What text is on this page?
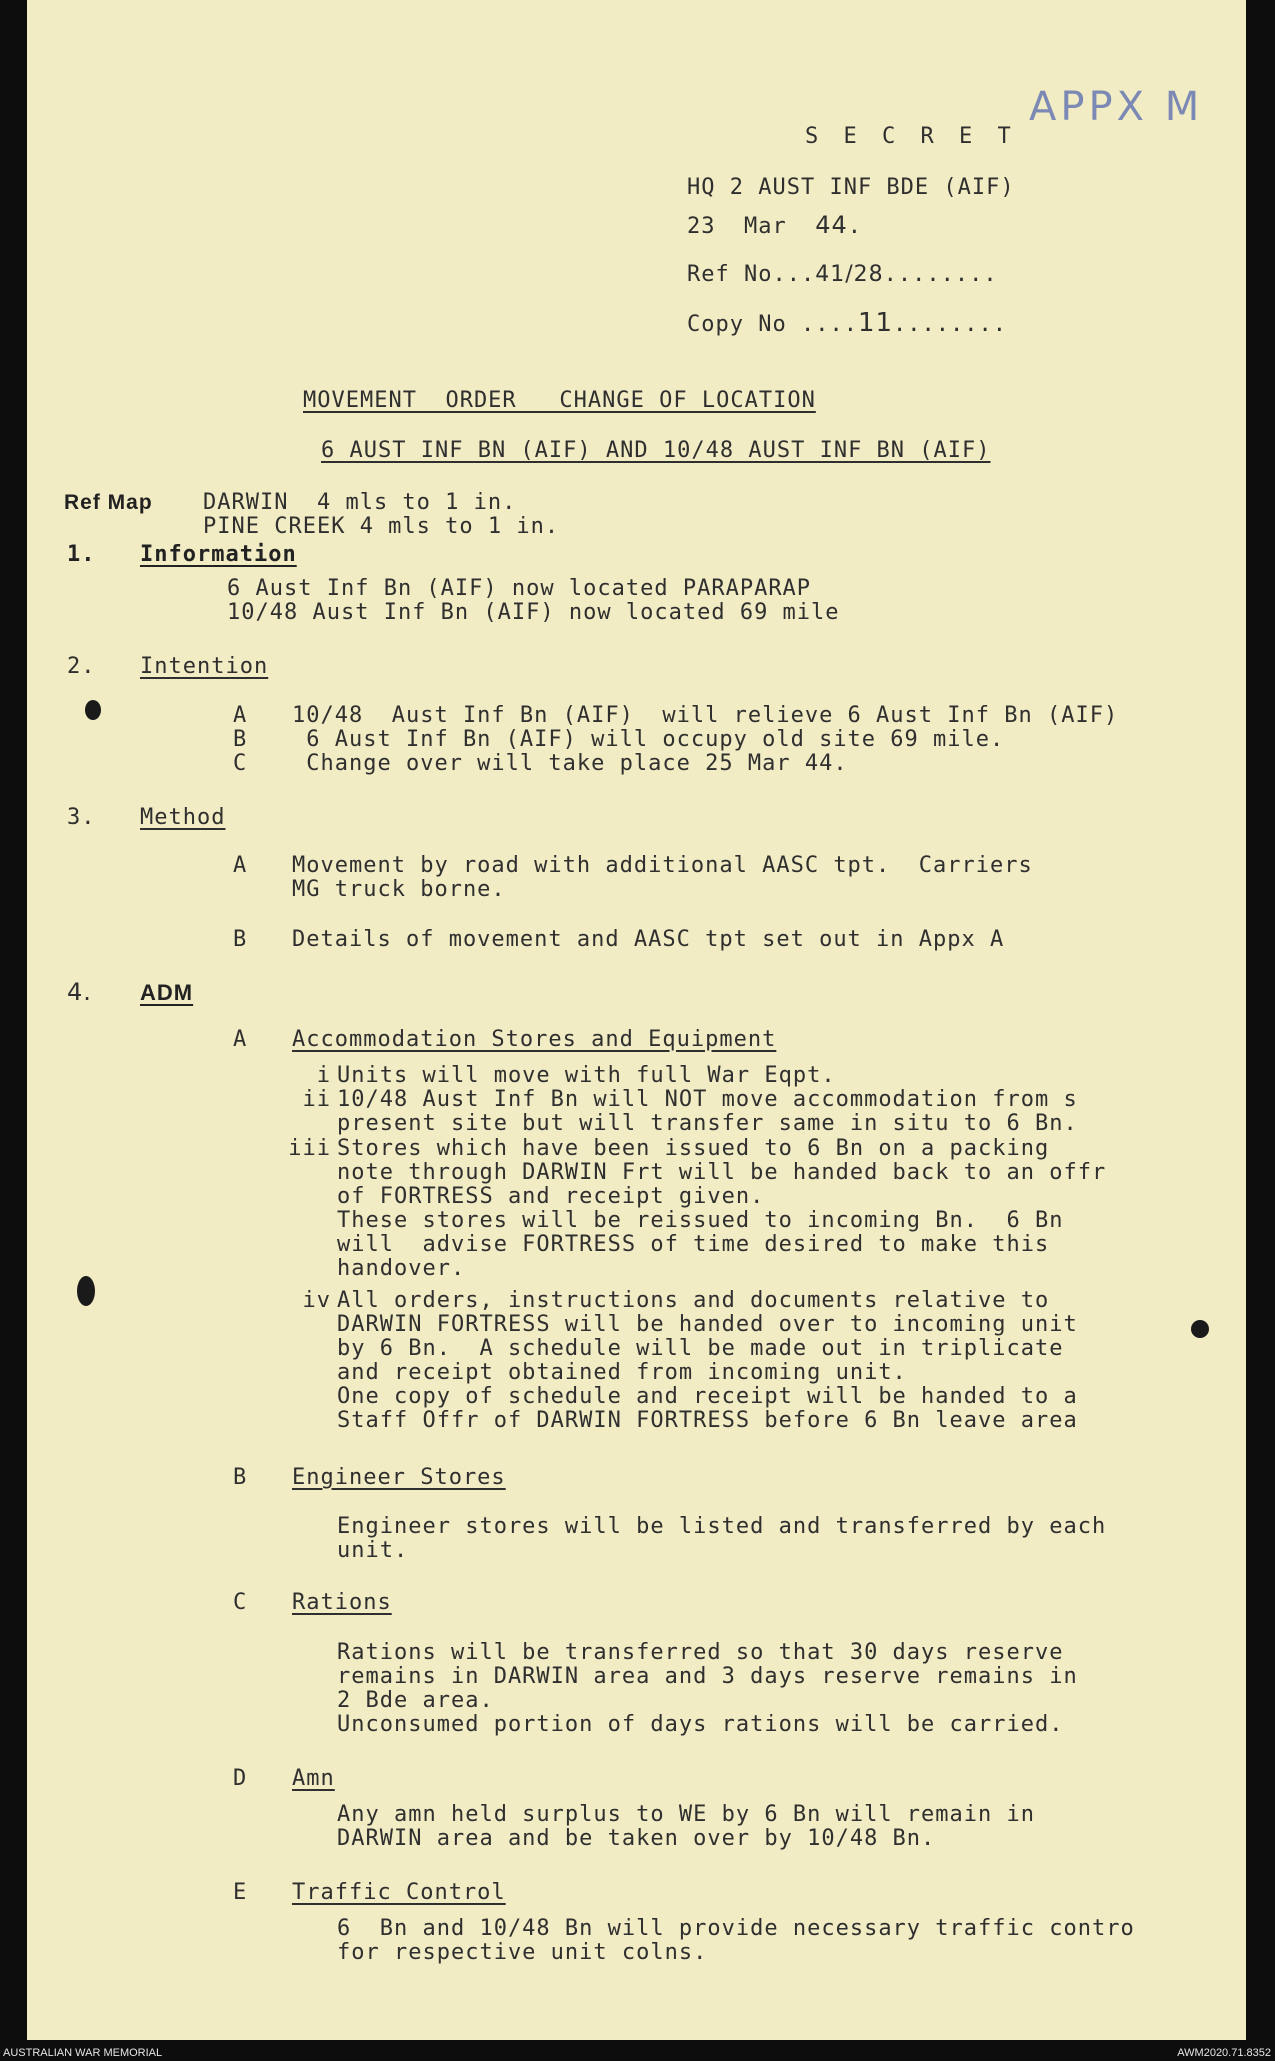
APPX M
S E C R E T
HQ 2 AUST INF BDE (AIF)
23  Mar 44.
Ref No...41/28........
Copy No ....11........
MOVEMENT  ORDER   CHANGE OF LOCATION
6 AUST INF BN (AIF) AND 10/48 AUST INF BN (AIF)
Ref Map DARWIN  4 mls to 1 in.
PINE CREEK 4 mls to 1 in.
1. Information
6 Aust Inf Bn (AIF) now located PARAPARAP
10/48 Aust Inf Bn (AIF) now located 69 mile
2. Intention
A 10/48  Aust Inf Bn (AIF)  will relieve 6 Aust Inf Bn (AIF)
B 6 Aust Inf Bn (AIF) will occupy old site 69 mile.
C Change over will take place 25 Mar 44.
3. Method
A Movement by road with additional AASC tpt.  Carriers
MG truck borne.
B Details of movement and AASC tpt set out in Appx A
4. ADM
A Accommodation Stores and Equipment
i Units will move with full War Eqpt.
ii 10/48 Aust Inf Bn will NOT move accommodation from s
present site but will transfer same in situ to 6 Bn.
iii Stores which have been issued to 6 Bn on a packing
note through DARWIN Frt will be handed back to an offr
of FORTRESS and receipt given.
These stores will be reissued to incoming Bn.  6 Bn
will  advise FORTRESS of time desired to make this
handover.
iv All orders, instructions and documents relative to
DARWIN FORTRESS will be handed over to incoming unit
by 6 Bn.  A schedule will be made out in triplicate
and receipt obtained from incoming unit.
One copy of schedule and receipt will be handed to a
Staff Offr of DARWIN FORTRESS before 6 Bn leave area
B Engineer Stores
Engineer stores will be listed and transferred by each
unit.
C Rations
Rations will be transferred so that 30 days reserve
remains in DARWIN area and 3 days reserve remains in
2 Bde area.
Unconsumed portion of days rations will be carried.
D Amn
Any amn held surplus to WE by 6 Bn will remain in
DARWIN area and be taken over by 10/48 Bn.
E Traffic Control
6  Bn and 10/48 Bn will provide necessary traffic contro
for respective unit colns.
AUSTRALIAN WAR MEMORIAL	AWM2020.71.8352
